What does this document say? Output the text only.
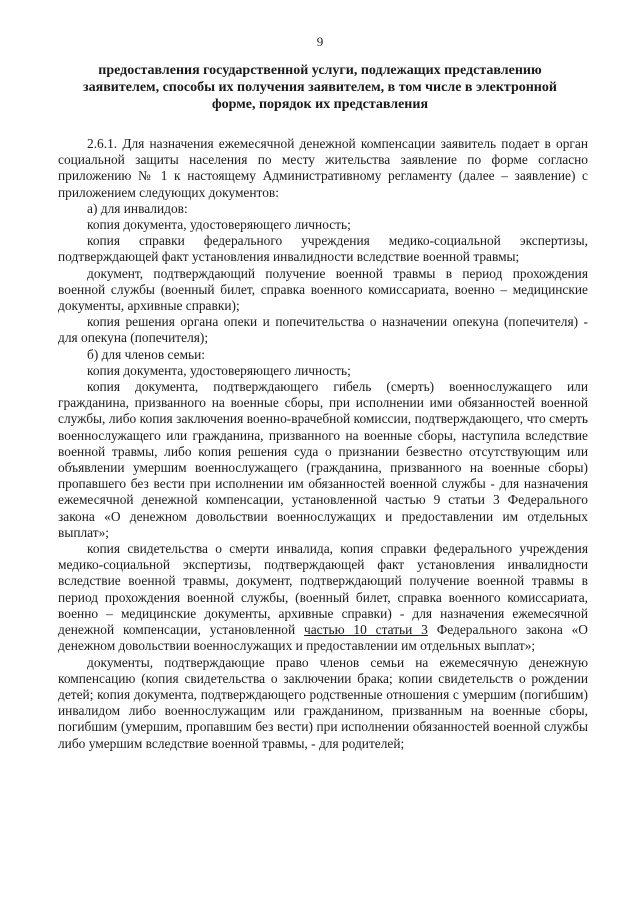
9
предоставления государственной услуги, подлежащих представлению
заявителем, способы их получения заявителем, в том числе в электронной
форме, порядок их представления

2.6.1. Для назначения ежемесячной денежной компенсации заявитель подает в орган социальной защиты населения по месту жительства заявление по форме согласно приложению № 1 к настоящему Административному регламенту (далее – заявление) с приложением следующих документов:

а) для инвалидов:

копия документа, удостоверяющего личность;

копия справки федерального учреждения медико-социальной экспертизы, подтверждающей факт установления инвалидности вследствие военной травмы;

документ, подтверждающий получение военной травмы в период прохождения военной службы (военный билет, справка военного комиссариата, военно – медицинские документы, архивные справки);

копия решения органа опеки и попечительства о назначении опекуна (попечителя) - для опекуна (попечителя);

б) для членов семьи:

копия документа, удостоверяющего личность;

копия документа, подтверждающего гибель (смерть) военнослужащего или гражданина, призванного на военные сборы, при исполнении ими обязанностей военной службы, либо копия заключения военно-врачебной комиссии, подтверждающего, что смерть военнослужащего или гражданина, призванного на военные сборы, наступила вследствие военной травмы, либо копия решения суда о признании безвестно отсутствующим или объявлении умершим военнослужащего (гражданина, призванного на военные сборы) пропавшего без вести при исполнении им обязанностей военной службы - для назначения ежемесячной денежной компенсации, установленной частью 9 статьи 3 Федерального закона «О денежном довольствии военнослужащих и предоставлении им отдельных выплат»;

копия свидетельства о смерти инвалида, копия справки федерального учреждения медико-социальной экспертизы, подтверждающей факт установления инвалидности вследствие военной травмы, документ, подтверждающий получение военной травмы в период прохождения военной службы, (военный билет, справка военного комиссариата, военно – медицинские документы, архивные справки) - для назначения ежемесячной денежной компенсации, установленной частью 10 статьи 3 Федерального закона «О денежном довольствии военнослужащих и предоставлении им отдельных выплат»;

документы, подтверждающие право членов семьи на ежемесячную денежную компенсацию (копия свидетельства о заключении брака; копии свидетельств о рождении детей; копия документа, подтверждающего родственные отношения с умершим (погибшим) инвалидом либо военнослужащим или гражданином, призванным на военные сборы, погибшим (умершим, пропавшим без вести) при исполнении обязанностей военной службы либо умершим вследствие военной травмы, - для родителей;
